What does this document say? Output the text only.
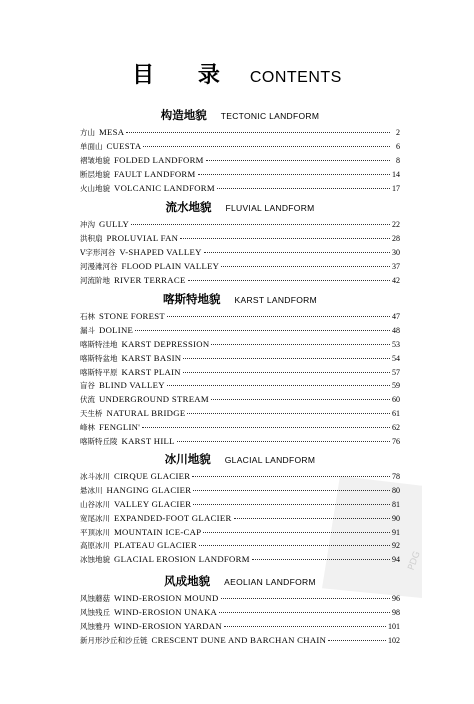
目 录 CONTENTS
PDG
构造地貌 TECTONIC LANDFORM
方山 MESA	2
单面山 CUESTA	6
褶皱地貌 FOLDED LANDFORM	8
断层地貌 FAULT LANDFORM	14
火山地貌 VOLCANIC LANDFORM	17
流水地貌 FLUVIAL LANDFORM
冲沟 GULLY	22
洪积扇 PROLUVIAL FAN	28
V字形河谷 V-SHAPED VALLEY	30
河漫滩河谷 FLOOD PLAIN VALLEY	37
河流阶地 RIVER TERRACE	42
喀斯特地貌 KARST LANDFORM
石林 STONE FOREST	47
漏斗 DOLINE	48
喀斯特洼地 KARST DEPRESSION	53
喀斯特盆地 KARST BASIN	54
喀斯特平原 KARST PLAIN	57
盲谷 BLIND VALLEY	59
伏流 UNDERGROUND STREAM	60
天生桥 NATURAL BRIDGE	61
峰林 FENGLIN'	62
喀斯特丘陵 KARST HILL	76
冰川地貌 GLACIAL LANDFORM
冰斗冰川 CIRQUE GLACIER	78
悬冰川 HANGING GLACIER	80
山谷冰川 VALLEY GLACIER	81
宽尾冰川 EXPANDED-FOOT GLACIER	90
平顶冰川 MOUNTAIN ICE-CAP	91
高原冰川 PLATEAU GLACIER	92
冰蚀地貌 GLACIAL EROSION LANDFORM	94
风成地貌 AEOLIAN LANDFORM
风蚀蘑菇 WIND-EROSION MOUND	96
风蚀残丘 WIND-EROSION UNAKA	98
风蚀雅丹 WIND-EROSION YARDAN	101
新月形沙丘和沙丘链 CRESCENT DUNE AND BARCHAN CHAIN	102
